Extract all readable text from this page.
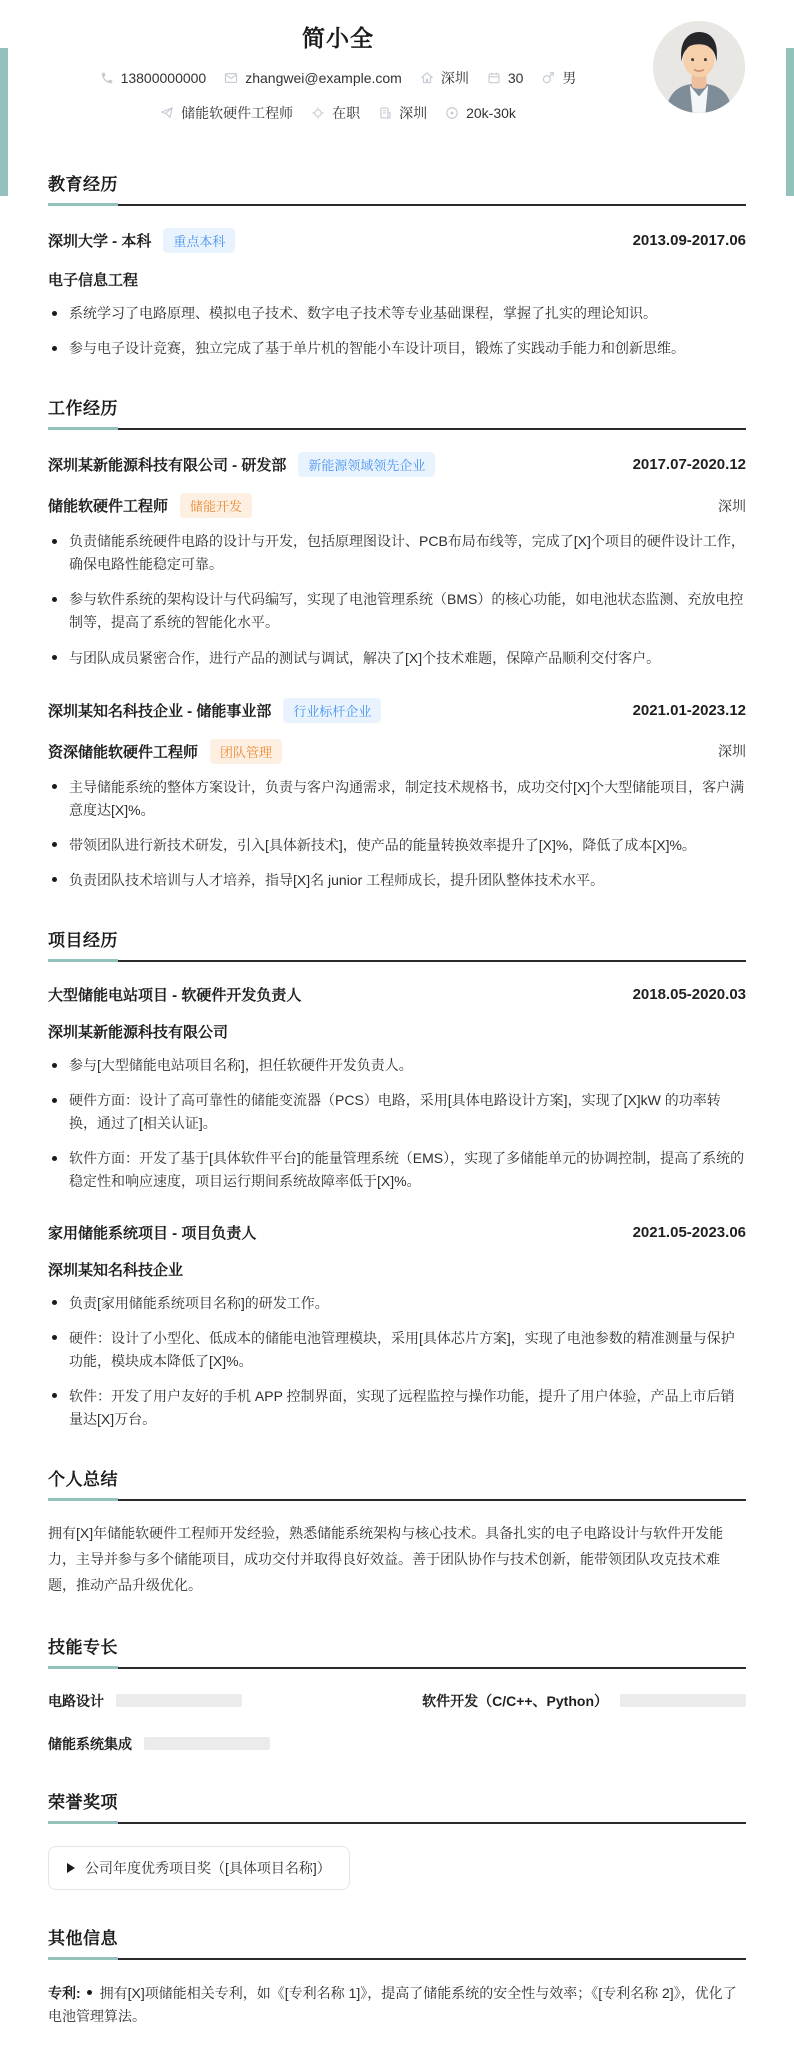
简小全
13800000000	zhangwei@example.com	深圳	30	男
储能软硬件工程师	在职	深圳	20k-30k
教育经历
深圳大学 - 本科	重点本科	2013.09-2017.06
电子信息工程
系统学习了电路原理、模拟电子技术、数字电子技术等专业基础课程，掌握了扎实的理论知识。
参与电子设计竞赛，独立完成了基于单片机的智能小车设计项目，锻炼了实践动手能力和创新思维。
工作经历
深圳某新能源科技有限公司 - 研发部	新能源领域领先企业	2017.07-2020.12
储能软硬件工程师	储能开发	深圳
负责储能系统硬件电路的设计与开发，包括原理图设计、PCB布局布线等，完成了[X]个项目的硬件设计工作，确保电路性能稳定可靠。
参与软件系统的架构设计与代码编写，实现了电池管理系统（BMS）的核心功能，如电池状态监测、充放电控制等，提高了系统的智能化水平。
与团队成员紧密合作，进行产品的测试与调试，解决了[X]个技术难题，保障产品顺利交付客户。
深圳某知名科技企业 - 储能事业部	行业标杆企业	2021.01-2023.12
资深储能软硬件工程师	团队管理	深圳
主导储能系统的整体方案设计，负责与客户沟通需求，制定技术规格书，成功交付[X]个大型储能项目，客户满意度达[X]%。
带领团队进行新技术研发，引入[具体新技术]，使产品的能量转换效率提升了[X]%，降低了成本[X]%。
负责团队技术培训与人才培养，指导[X]名 junior 工程师成长，提升团队整体技术水平。
项目经历
大型储能电站项目 - 软硬件开发负责人	2018.05-2020.03
深圳某新能源科技有限公司
参与[大型储能电站项目名称]，担任软硬件开发负责人。
硬件方面：设计了高可靠性的储能变流器（PCS）电路，采用[具体电路设计方案]，实现了[X]kW 的功率转换，通过了[相关认证]。
软件方面：开发了基于[具体软件平台]的能量管理系统（EMS），实现了多储能单元的协调控制，提高了系统的稳定性和响应速度，项目运行期间系统故障率低于[X]%。
家用储能系统项目 - 项目负责人	2021.05-2023.06
深圳某知名科技企业
负责[家用储能系统项目名称]的研发工作。
硬件：设计了小型化、低成本的储能电池管理模块，采用[具体芯片方案]，实现了电池参数的精准测量与保护功能，模块成本降低了[X]%。
软件：开发了用户友好的手机 APP 控制界面，实现了远程监控与操作功能，提升了用户体验，产品上市后销量达[X]万台。
个人总结

拥有[X]年储能软硬件工程师开发经验，熟悉储能系统架构与核心技术。具备扎实的电子电路设计与软件开发能力，主导并参与多个储能项目，成功交付并取得良好效益。善于团队协作与技术创新，能带领团队攻克技术难题，推动产品升级优化。

技能专长
电路设计	软件开发（C/C++、Python）
储能系统集成
荣誉奖项
公司年度优秀项目奖（[具体项目名称]）
其他信息
专利: 拥有[X]项储能相关专利，如《[专利名称 1]》，提高了储能系统的安全性与效率；《[专利名称 2]》，优化了电池管理算法。
